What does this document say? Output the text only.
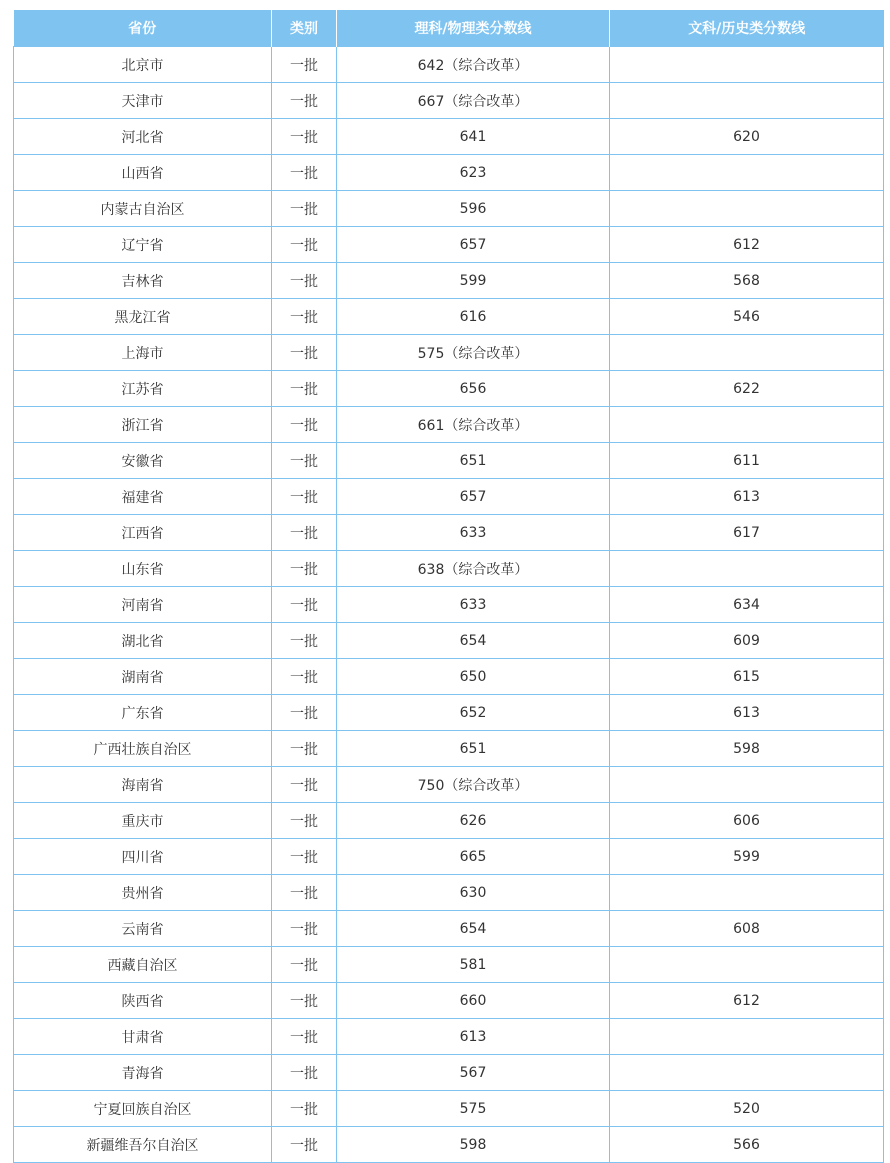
省份	类别	理科/物理类分数线	文科/历史类分数线
北京市	一批	642（综合改革）	
天津市	一批	667（综合改革）	
河北省	一批	641	620
山西省	一批	623	
内蒙古自治区	一批	596	
辽宁省	一批	657	612
吉林省	一批	599	568
黑龙江省	一批	616	546
上海市	一批	575（综合改革）	
江苏省	一批	656	622
浙江省	一批	661（综合改革）	
安徽省	一批	651	611
福建省	一批	657	613
江西省	一批	633	617
山东省	一批	638（综合改革）	
河南省	一批	633	634
湖北省	一批	654	609
湖南省	一批	650	615
广东省	一批	652	613
广西壮族自治区	一批	651	598
海南省	一批	750（综合改革）	
重庆市	一批	626	606
四川省	一批	665	599
贵州省	一批	630	
云南省	一批	654	608
西藏自治区	一批	581	
陕西省	一批	660	612
甘肃省	一批	613	
青海省	一批	567	
宁夏回族自治区	一批	575	520
新疆维吾尔自治区	一批	598	566
